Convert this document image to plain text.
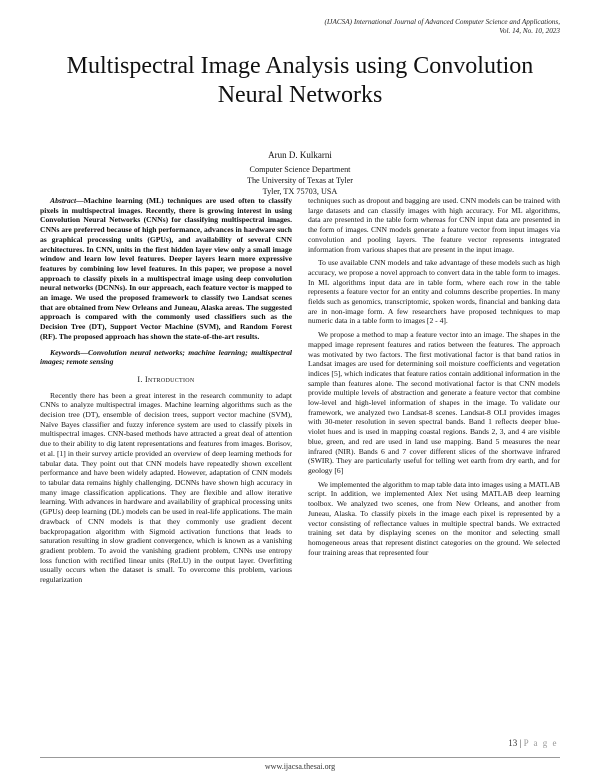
(IJACSA) International Journal of Advanced Computer Science and Applications,
Vol. 14, No. 10, 2023
Multispectral Image Analysis using Convolution
Neural Networks
Arun D. Kulkarni
Computer Science Department
The University of Texas at Tyler
Tyler, TX 75703, USA

Abstract—Machine learning (ML) techniques are used often to classify pixels in multispectral images. Recently, there is growing interest in using Convolution Neural Networks (CNNs) for classifying multispectral images. CNNs are preferred because of high performance, advances in hardware such as graphical processing units (GPUs), and availability of several CNN architectures. In CNN, units in the first hidden layer view only a small image window and learn low level features. Deeper layers learn more expressive features by combining low level features. In this paper, we propose a novel approach to classify pixels in a multispectral image using deep convolution neural networks (DCNNs). In our approach, each feature vector is mapped to an image. We used the proposed framework to classify two Landsat scenes that are obtained from New Orleans and Juneau, Alaska areas. The suggested approach is compared with the commonly used classifiers such as the Decision Tree (DT), Support Vector Machine (SVM), and Random Forest (RF). The proposed approach has shown the state-of-the-art results.

Keywords—Convolution neural networks; machine learning; multispectral images; remote sensing

I. Introduction

Recently there has been a great interest in the research community to adapt CNNs to analyze multispectral images. Machine learning algorithms such as the decision tree (DT), ensemble of decision trees, support vector machine (SVM), Naïve Bayes classifier and fuzzy inference system are used to classify pixels in multispectral images. CNN-based methods have attracted a great deal of attention due to their ability to dig latent representations and features from images. Borisov, et al. [1] in their survey article provided an overview of deep learning methods for tabular data. They point out that CNN models have repeatedly shown excellent performance and have been widely adapted. However, adaptation of CNN models to tabular data remains highly challenging. DCNNs have shown high accuracy in many image classification applications. They are flexible and allow iterative learning. With advances in hardware and availability of graphical processing units (GPUs) deep learning (DL) models can be used in real-life applications. The main drawback of CNN models is that they commonly use gradient decent backpropagation algorithm with Sigmoid activation functions that leads to saturation resulting in slow gradient convergence, which is known as a vanishing gradient problem. To avoid the vanishing gradient problem, CNNs use entropy loss function with rectified linear units (ReLU) in the output layer. Overfitting usually occurs when the dataset is small. To overcome this problem, various regularization

techniques such as dropout and bagging are used. CNN models can be trained with large datasets and can classify images with high accuracy. For ML algorithms, data are presented in the table form whereas for CNN input data are presented in the form of images. CNN models generate a feature vector from input images via convolution and pooling layers. The feature vector represents integrated information from various shapes that are present in the input image.

To use available CNN models and take advantage of these models such as high accuracy, we propose a novel approach to convert data in the table form to images. In ML algorithms input data are in table form, where each row in the table represents a feature vector for an entity and columns describe properties. In many fields such as genomics, transcriptomic, spoken words, financial and banking data are in non-image form. A few researchers have proposed techniques to map numeric data in a table form to images [2 - 4].

We propose a method to map a feature vector into an image. The shapes in the mapped image represent features and ratios between the features. The approach was motivated by two factors. The first motivational factor is that band ratios in Landsat images are used for determining soil moisture coefficients and vegetation indices [5], which indicates that feature ratios contain additional information in the sample than features alone. The second motivational factor is that CNN models provide multiple levels of abstraction and generate a feature vector that combine low-level and high-level information of shapes in the image. To validate our framework, we analyzed two Landsat-8 scenes. Landsat-8 OLI provides images with 30-meter resolution in seven spectral bands. Band 1 reflects deeper blue-violet hues and is used in mapping coastal regions. Bands 2, 3, and 4 are visible blue, green, and red are used in land use mapping. Band 5 measures the near infrared (NIR). Bands 6 and 7 cover different slices of the shortwave infrared (SWIR). They are particularly useful for telling wet earth from dry earth, and for geology [6]

We implemented the algorithm to map table data into images using a MATLAB script. In addition, we implemented Alex Net using MATLAB deep learning toolbox. We analyzed two scenes, one from New Orleans, and another from Juneau, Alaska. To classify pixels in the image each pixel is represented by a vector consisting of reflectance values in multiple spectral bands. We extracted training set data by displaying scenes on the monitor and selecting small homogeneous areas that represent distinct categories on the ground. We selected four training areas that represented four

13 | P a g e
www.ijacsa.thesai.org
